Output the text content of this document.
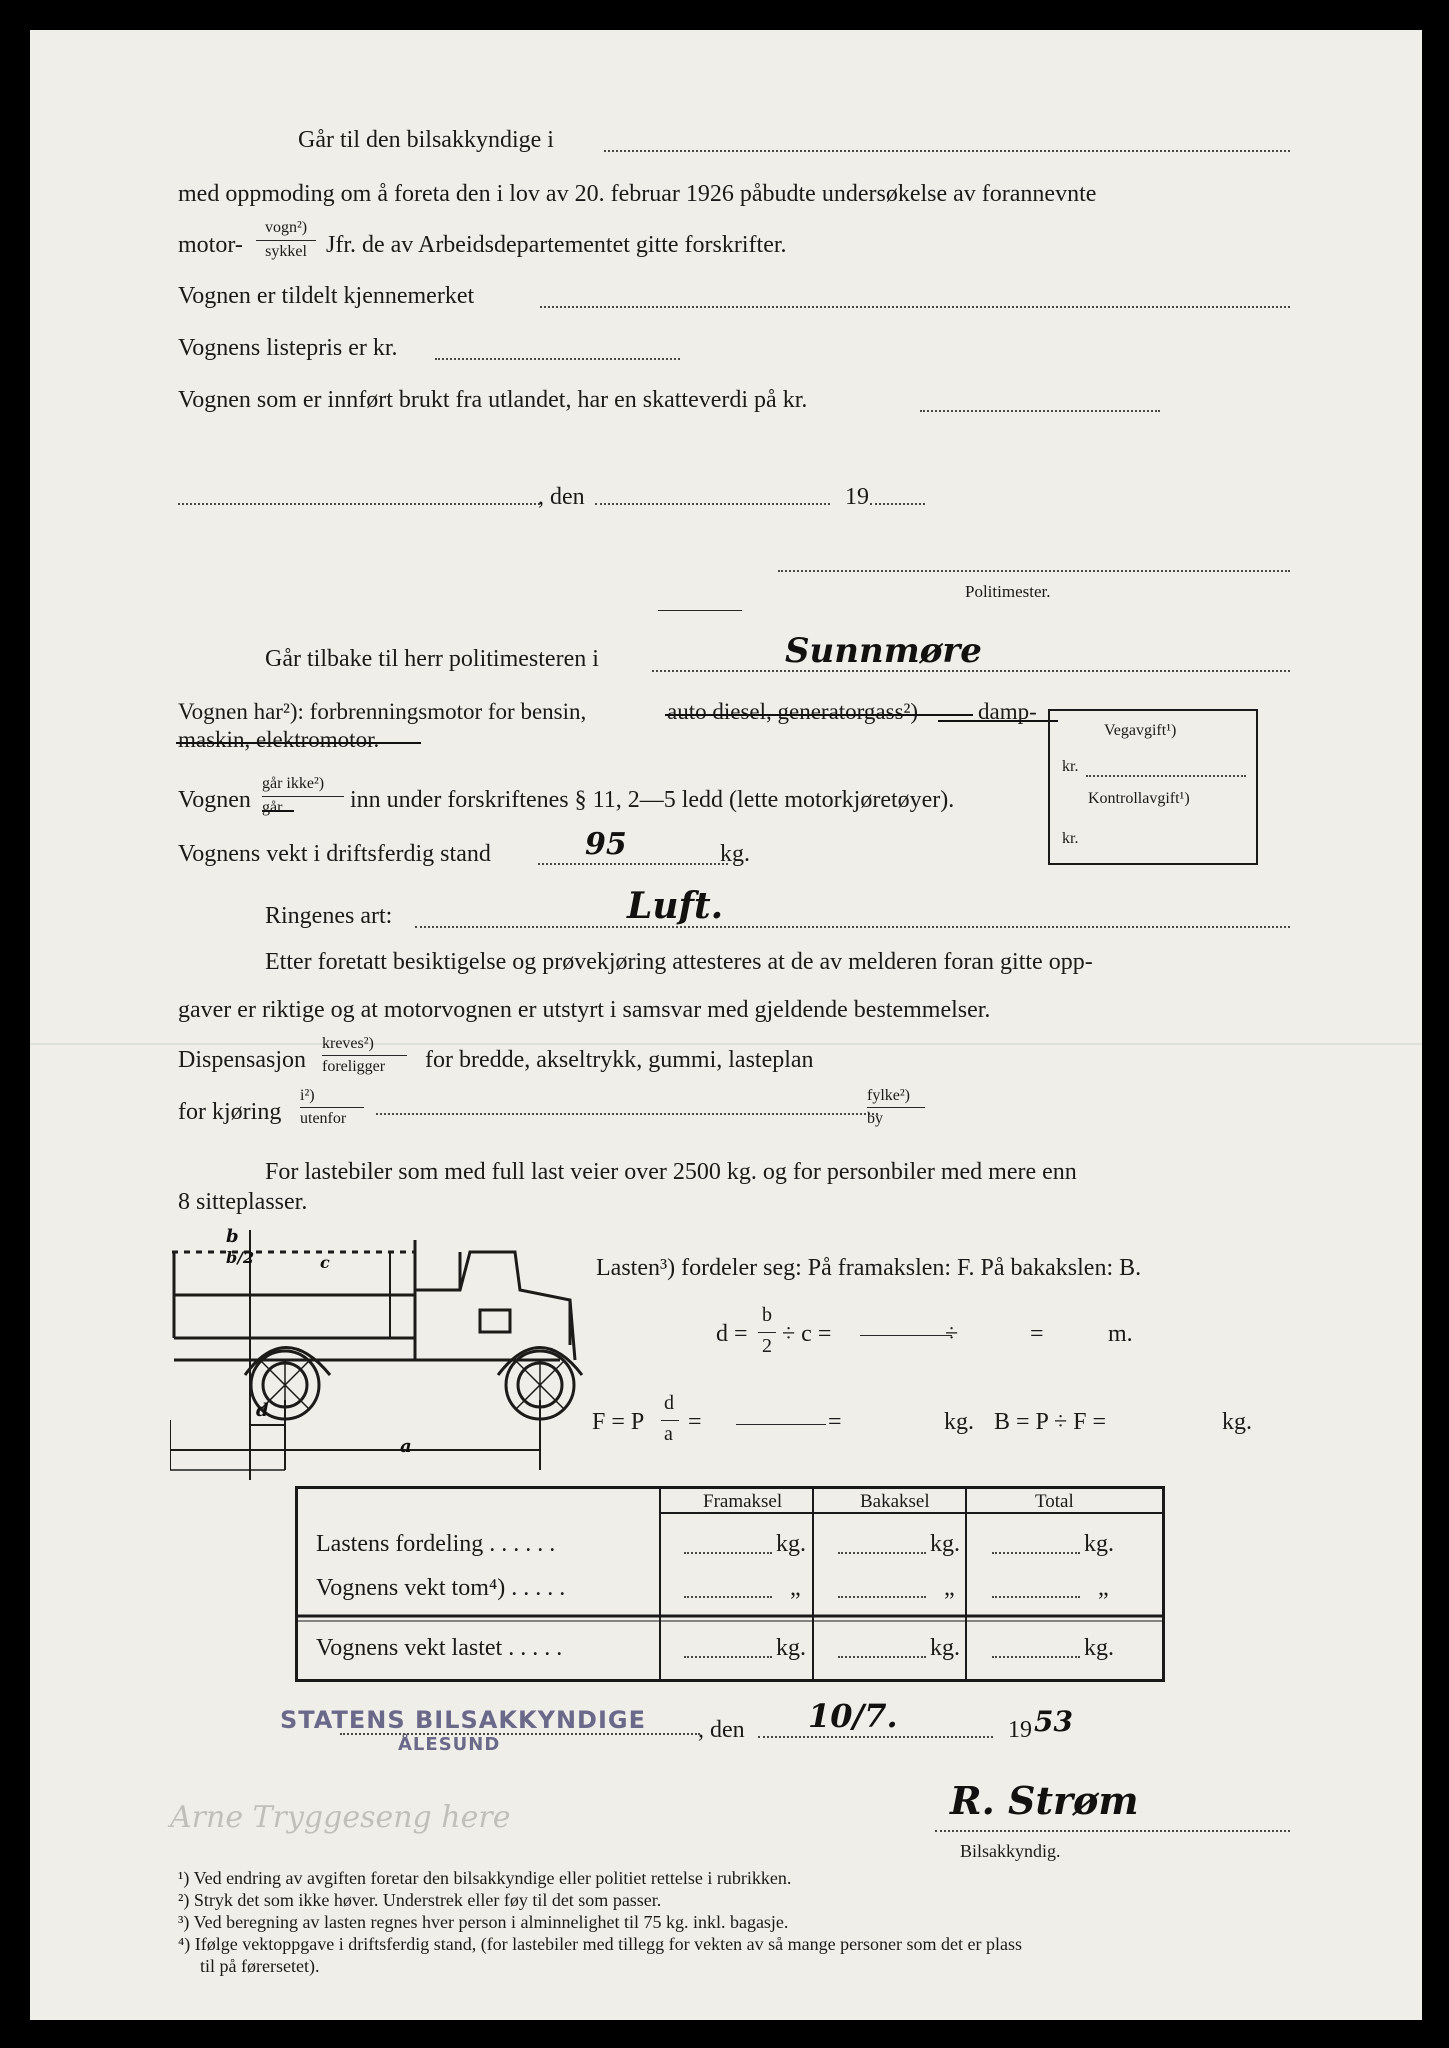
Går til den bilsakkyndige i
med oppmoding om å foreta den i lov av 20. februar 1926 påbudte undersøkelse av forannevnte
motor-
vogn²)
sykkel Jfr. de av Arbeidsdepartementet gitte forskrifter.
Vognen er tildelt kjennemerket
Vognens listepris er kr.
Vognen som er innført brukt fra utlandet, har en skatteverdi på kr.
, den	19
Politimester.
Går tilbake til herr politimesteren i	Sunnmøre
Vognen har²): forbrenningsmotor for bensin,	auto diesel, generatorgass²)	damp-
maskin, elektromotor.
Vognen
går ikke²)
går	inn under forskriftenes § 11, 2—5 ledd (lette motorkjøretøyer).
Vognens vekt i driftsferdig stand	95	kg.
Ringenes art:	Luft.
Vegavgift¹)
kr.
Kontrollavgift¹)
kr.
Etter foretatt besiktigelse og prøvekjøring attesteres at de av melderen foran gitte opp-
gaver er riktige og at motorvognen er utstyrt i samsvar med gjeldende bestemmelser.
Dispensasjon
kreves²)
foreligger for bredde, akseltrykk, gummi, lasteplan
for kjøring
i²)
utenfor
fylke²)
by
For lastebiler som med full last veier over 2500 kg. og for personbiler med mere enn
8 sitteplasser.
b
b/2	c
d
a
Lasten³) fordeler seg: På framakslen: F. På bakakslen: B.
d =
b
2 ÷ c =	÷	=	m.
F = P
d
a =	=	kg. B = P ÷ F =	kg.
Framaksel	Bakaksel	Total
Lastens fordeling . . . . . .	kg.	kg.	kg.
Vognens vekt tom⁴) . . . . .	„	„	„
Vognens vekt lastet . . . . .	kg.	kg.	kg.
STATENS BILSAKKYNDIGE
ÅLESUND
, den 10/7.	19 53
Arne Tryggeseng here	R. Strøm
Bilsakkyndig.
¹) Ved endring av avgiften foretar den bilsakkyndige eller politiet rettelse i rubrikken.
²) Stryk det som ikke høver. Understrek eller føy til det som passer.
³) Ved beregning av lasten regnes hver person i alminnelighet til 75 kg. inkl. bagasje.
⁴) Ifølge vektoppgave i driftsferdig stand, (for lastebiler med tillegg for vekten av så mange personer som det er plass
til på førersetet).
